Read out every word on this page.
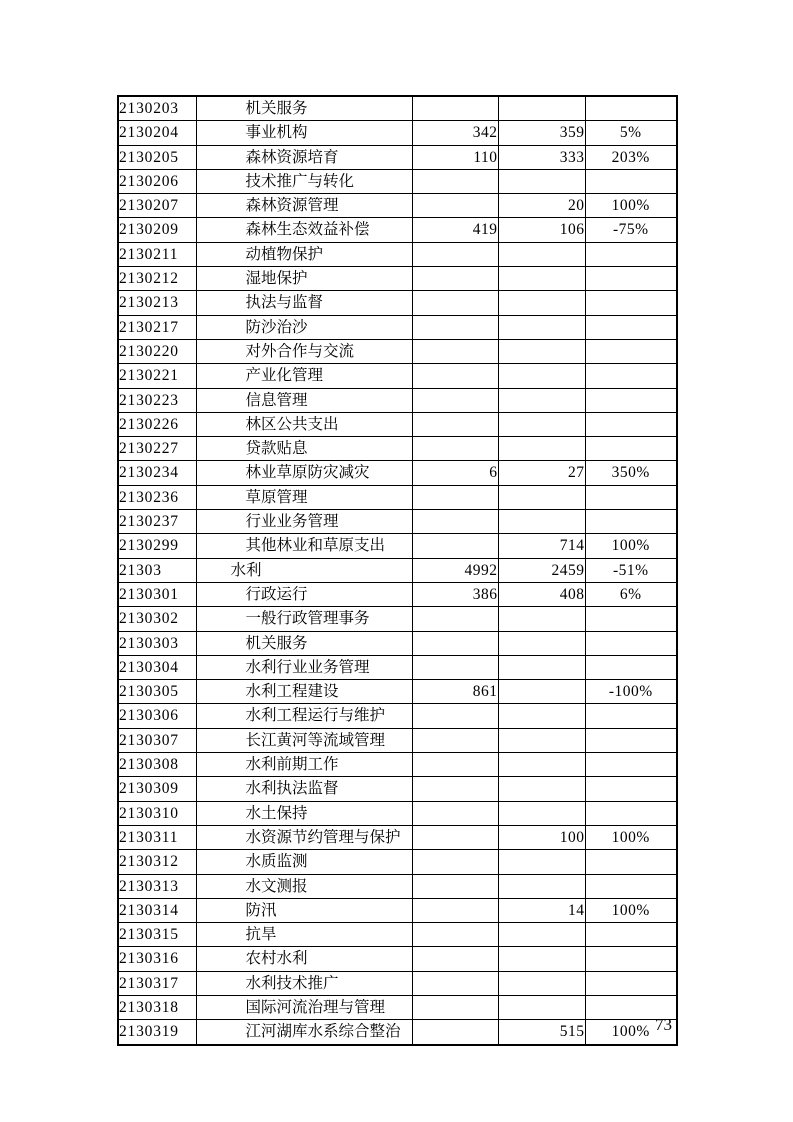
2130203	机关服务			
2130204	事业机构	342	359	5%
2130205	森林资源培育	110	333	203%
2130206	技术推广与转化			
2130207	森林资源管理		20	100%
2130209	森林生态效益补偿	419	106	-75%
2130211	动植物保护			
2130212	湿地保护			
2130213	执法与监督			
2130217	防沙治沙			
2130220	对外合作与交流			
2130221	产业化管理			
2130223	信息管理			
2130226	林区公共支出			
2130227	贷款贴息			
2130234	林业草原防灾减灾	6	27	350%
2130236	草原管理			
2130237	行业业务管理			
2130299	其他林业和草原支出		714	100%
21303	水利	4992	2459	-51%
2130301	行政运行	386	408	6%
2130302	一般行政管理事务			
2130303	机关服务			
2130304	水利行业业务管理			
2130305	水利工程建设	861		-100%
2130306	水利工程运行与维护			
2130307	长江黄河等流域管理			
2130308	水利前期工作			
2130309	水利执法监督			
2130310	水土保持			
2130311	水资源节约管理与保护		100	100%
2130312	水质监测			
2130313	水文测报			
2130314	防汛		14	100%
2130315	抗旱			
2130316	农村水利			
2130317	水利技术推广			
2130318	国际河流治理与管理			
2130319	江河湖库水系综合整治		515	100% 73
